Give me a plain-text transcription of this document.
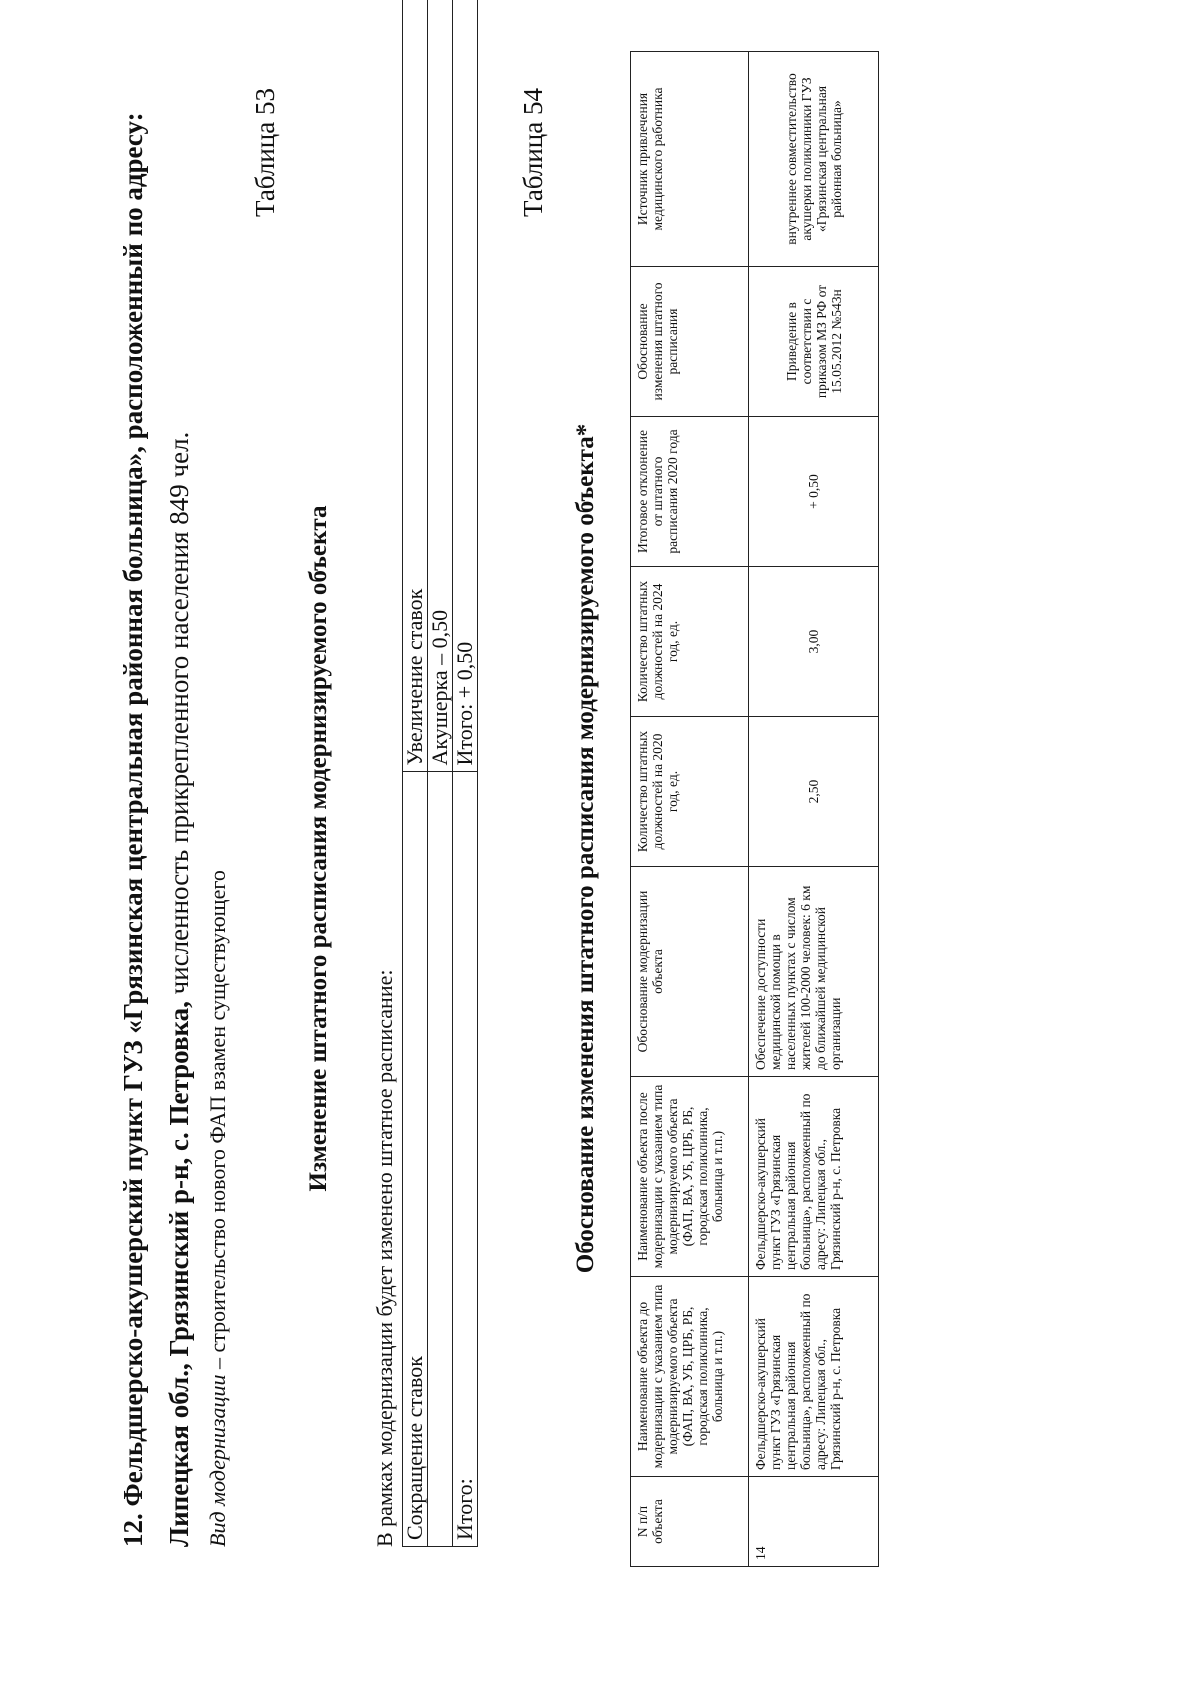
12. Фельдшерско-акушерский пункт ГУЗ «Грязинская центральная районная больница», расположенный по адресу: Липецкая обл., Грязинский р-н, с. Петровка, численность прикрепленного населения 849 чел.
Вид модернизации – строительство нового ФАП взамен существующего
Таблица 53
Изменение штатного расписания модернизируемого объекта
В рамках модернизации будет изменено штатное расписание: Сокращение ставок	Увеличение ставок
	Акушерка – 0,50
Итого:	Итого: + 0,50
Таблица 54
Обоснование изменения штатного расписания модернизируемого объекта*
N п/п объекта	Наименование объекта до модернизации с указанием типа модернизируемого объекта (ФАП, ВА, УБ, ЦРБ, РБ, городская поликлиника, больница и т.п.)	Наименование объекта после модернизации с указанием типа модернизируемого объекта (ФАП, ВА, УБ, ЦРБ, РБ, городская поликлиника, больница и т.п.)	Обоснование модернизации объекта	Количество штатных должностей на 2020 год, ед.	Количество штатных должностей на 2024 год, ед.	Итоговое отклонение от штатного расписания 2020 года	Обоснование изменения штатного расписания	Источник привлечения медицинского работника
14	Фельдшерско-акушерский пункт ГУЗ «Грязинская центральная районная больница», расположенный по адресу: Липецкая обл., Грязинский р-н, с. Петровка	Фельдшерско-акушерский пункт ГУЗ «Грязинская центральная районная больница», расположенный по адресу: Липецкая обл., Грязинский р-н, с. Петровка	Обеспечение доступности медицинской помощи в населенных пунктах с числом жителей 100-2000 человек: 6 км до ближайшей медицинской организации	2,50	3,00	+ 0,50	Приведение в соответствии с приказом МЗ РФ от 15.05.2012 №543н	внутреннее совместительство акушерки поликлиники ГУЗ «Грязинская центральная районная больница»
